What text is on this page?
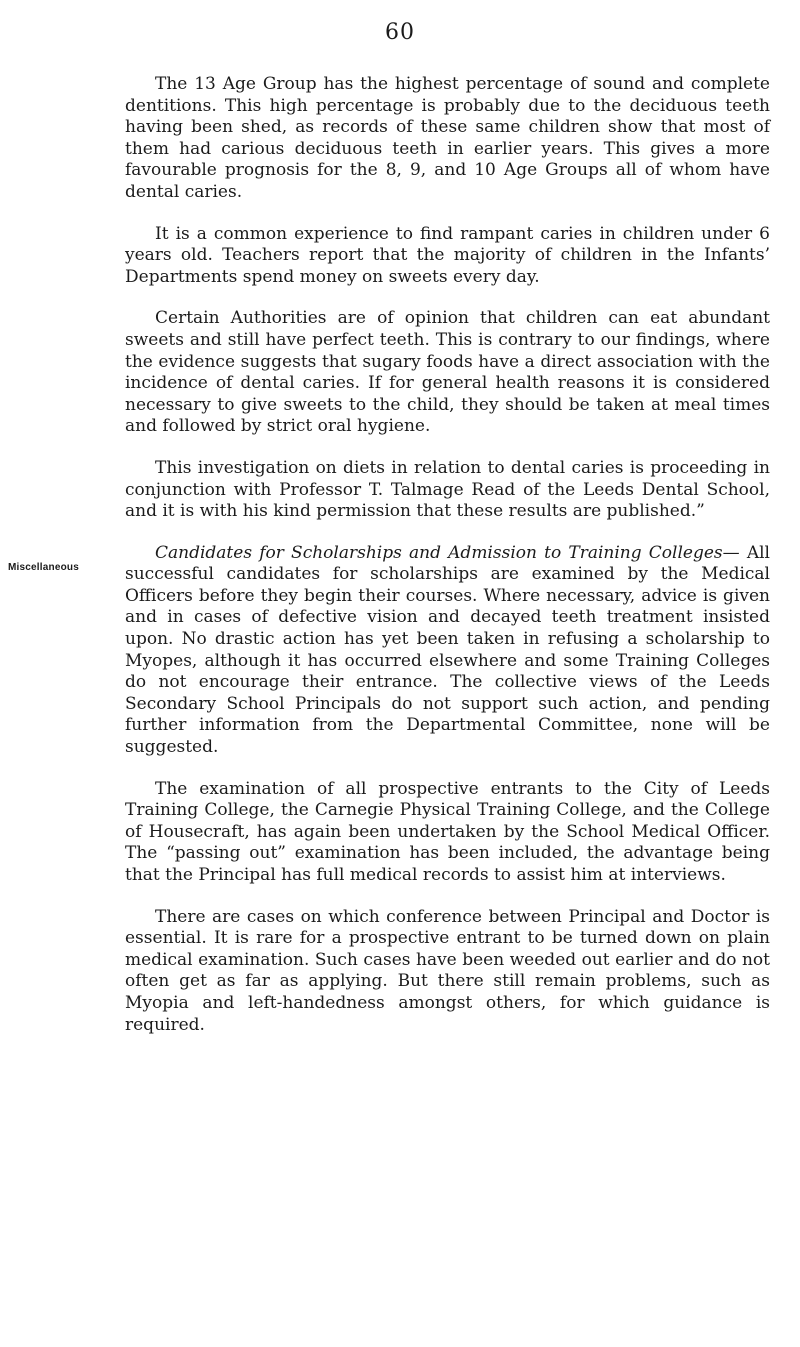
60
Miscellaneous

The 13 Age Group has the highest percentage of sound and complete dentitions. This high percentage is probably due to the deciduous teeth having been shed, as records of these same children show that most of them had carious deciduous teeth in earlier years. This gives a more favourable prognosis for the 8, 9, and 10 Age Groups all of whom have dental caries.

It is a common experience to find rampant caries in children under 6 years old. Teachers report that the majority of children in the Infants’ Departments spend money on sweets every day.

Certain Authorities are of opinion that children can eat abundant sweets and still have perfect teeth. This is contrary to our findings, where the evidence suggests that sugary foods have a direct association with the incidence of dental caries. If for general health reasons it is considered necessary to give sweets to the child, they should be taken at meal times and followed by strict oral hygiene.

This investigation on diets in relation to dental caries is proceeding in conjunction with Professor T. Talmage Read of the Leeds Dental School, and it is with his kind permission that these results are published.”

Candidates for Scholarships and Admission to Training Colleges— All successful candidates for scholarships are examined by the Medical Officers before they begin their courses. Where necessary, advice is given and in cases of defective vision and decayed teeth treatment insisted upon. No drastic action has yet been taken in refusing a scholarship to Myopes, although it has occurred elsewhere and some Training Colleges do not encourage their entrance. The collective views of the Leeds Secondary School Principals do not support such action, and pending further information from the Departmental Committee, none will be suggested.

The examination of all prospective entrants to the City of Leeds Training College, the Carnegie Physical Training College, and the College of Housecraft, has again been undertaken by the School Medical Officer. The “passing out” examination has been included, the advantage being that the Principal has full medical records to assist him at interviews.

There are cases on which conference between Principal and Doctor is essential. It is rare for a prospective entrant to be turned down on plain medical examination. Such cases have been weeded out earlier and do not often get as far as applying. But there still remain problems, such as Myopia and left-handedness amongst others, for which guidance is required.
